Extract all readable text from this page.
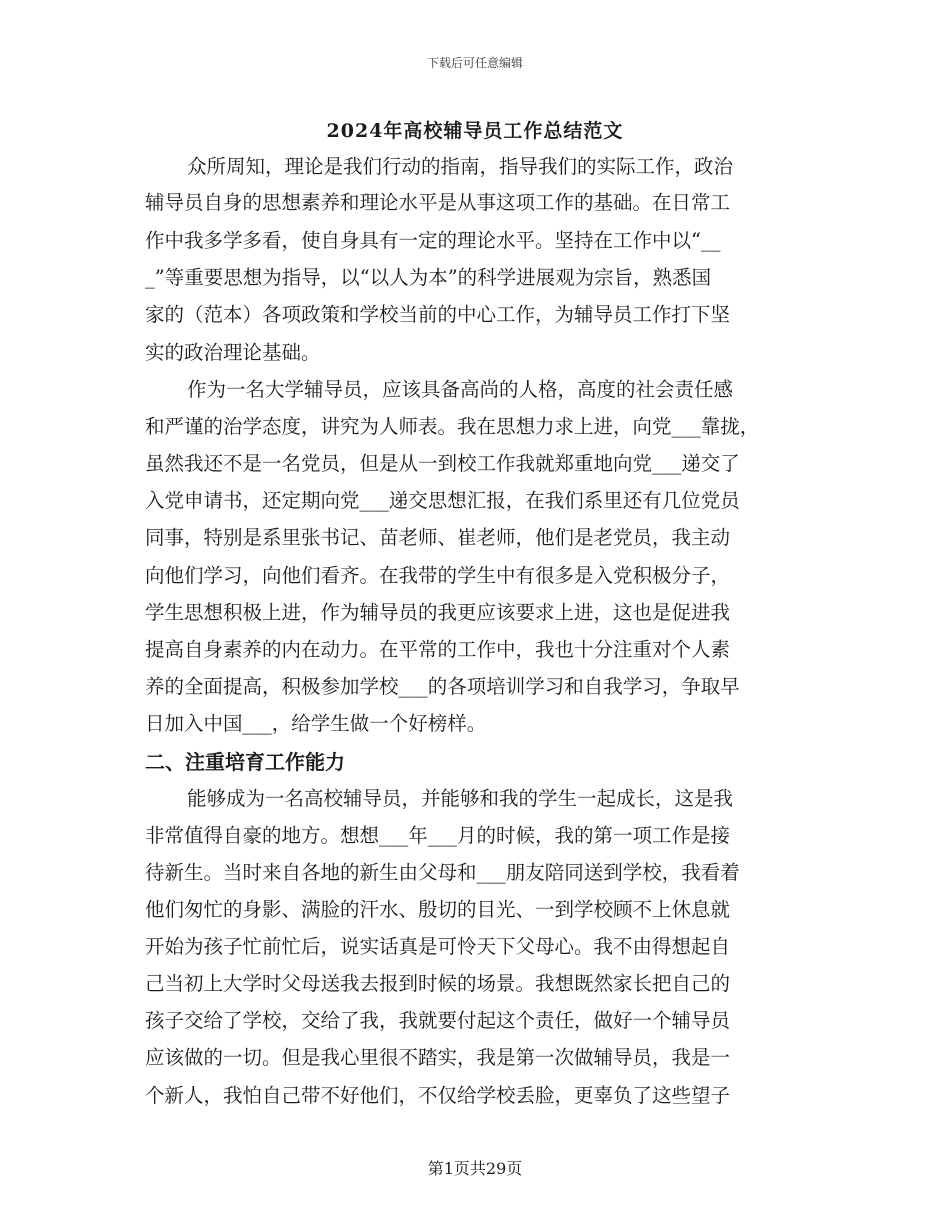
下载后可任意编辑
2024年高校辅导员工作总结范文
众所周知，理论是我们行动的指南，指导我们的实际工作，政治
辅导员自身的思想素养和理论水平是从事这项工作的基础。在日常工
作中我多学多看，使自身具有一定的理论水平。坚持在工作中以“__
_”等重要思想为指导，以“以人为本”的科学进展观为宗旨，熟悉国
家的（范本）各项政策和学校当前的中心工作，为辅导员工作打下坚
实的政治理论基础。
作为一名大学辅导员，应该具备高尚的人格，高度的社会责任感
和严谨的治学态度，讲究为人师表。我在思想力求上进，向党___靠拢，
虽然我还不是一名党员，但是从一到校工作我就郑重地向党___递交了
入党申请书，还定期向党___递交思想汇报，在我们系里还有几位党员
同事，特别是系里张书记、苗老师、崔老师，他们是老党员，我主动
向他们学习，向他们看齐。在我带的学生中有很多是入党积极分子，
学生思想积极上进，作为辅导员的我更应该要求上进，这也是促进我
提高自身素养的内在动力。在平常的工作中，我也十分注重对个人素
养的全面提高，积极参加学校___的各项培训学习和自我学习，争取早
日加入中国___，给学生做一个好榜样。
二、注重培育工作能力
能够成为一名高校辅导员，并能够和我的学生一起成长，这是我
非常值得自豪的地方。想想___年___月的时候，我的第一项工作是接
待新生。当时来自各地的新生由父母和___朋友陪同送到学校，我看着
他们匆忙的身影、满脸的汗水、殷切的目光、一到学校顾不上休息就
开始为孩子忙前忙后，说实话真是可怜天下父母心。我不由得想起自
己当初上大学时父母送我去报到时候的场景。我想既然家长把自己的
孩子交给了学校，交给了我，我就要付起这个责任，做好一个辅导员
应该做的一切。但是我心里很不踏实，我是第一次做辅导员，我是一
个新人，我怕自己带不好他们，不仅给学校丢脸，更辜负了这些望子
第1页共29页
